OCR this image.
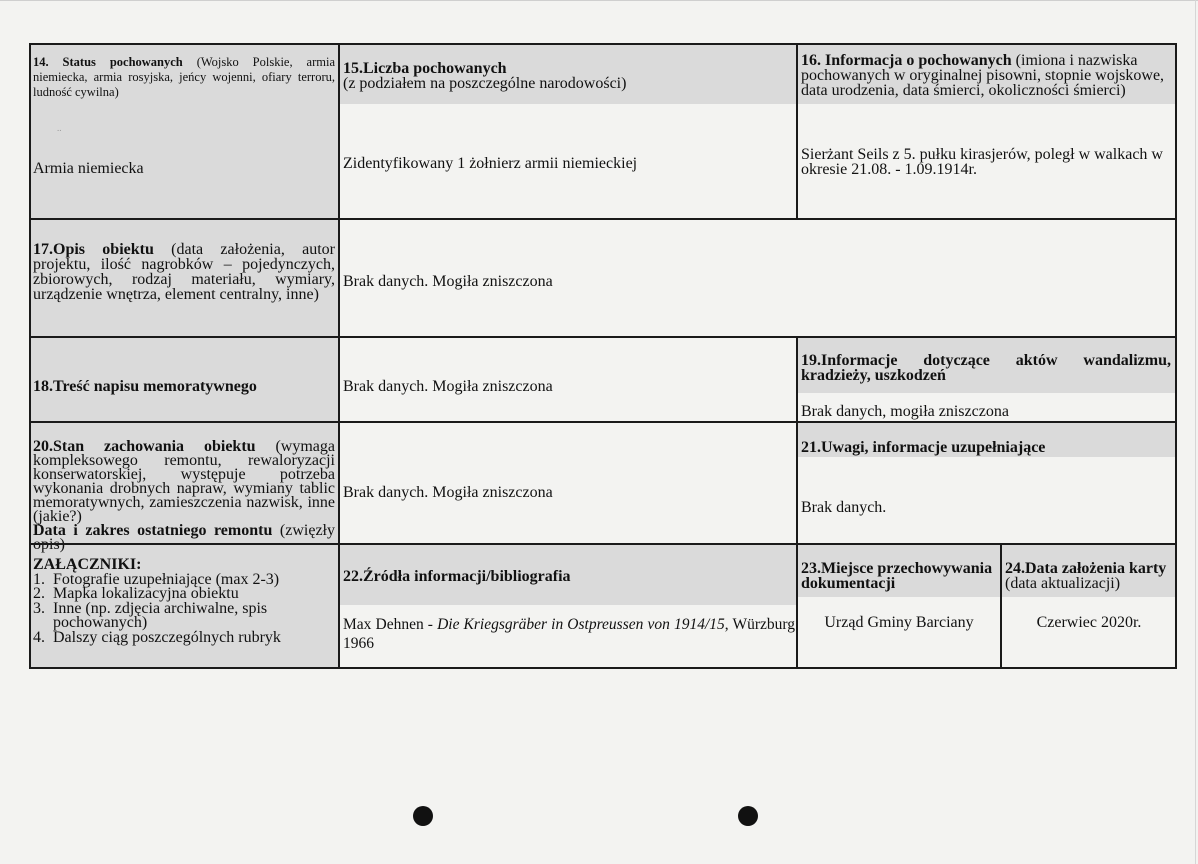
14. Status pochowanych (Wojsko Polskie, armia niemiecka, armia rosyjska, jeńcy wojenni, ofiary terroru, ludność cywilna)
..
Armia niemiecka
15.Liczba pochowanych
(z podziałem na poszczególne narodowości)
Zidentyfikowany 1 żołnierz armii niemieckiej
16. Informacja o pochowanych (imiona i nazwiska pochowanych w oryginalnej pisowni, stopnie wojskowe, data urodzenia, data śmierci, okoliczności śmierci)
Sierżant Seils z 5. pułku kirasjerów, poległ w walkach w okresie 21.08. - 1.09.1914r.
17.Opis obiektu (data założenia, autor projektu, ilość nagrobków – pojedynczych, zbiorowych, rodzaj materiału, wymiary, urządzenie wnętrza, element centralny, inne)
Brak danych. Mogiła zniszczona
18.Treść napisu memoratywnego	Brak danych. Mogiła zniszczona
19.Informacje dotyczące aktów wandalizmu, kradzieży, uszkodzeń
Brak danych, mogiła zniszczona
20.Stan zachowania obiektu (wymaga kompleksowego remontu, rewaloryzacji konserwatorskiej, występuje potrzeba wykonania drobnych napraw, wymiany tablic memoratywnych, zamieszczenia nazwisk, inne (jakie?)
Data i zakres ostatniego remontu (zwięzły
Brak danych. Mogiła zniszczona
21.Uwagi, informacje uzupełniające
Brak danych.
ZAŁĄCZNIKI:
1. Fotografie uzupełniające (max 2-3)
2. Mapka lokalizacyjna obiektu
3. Inne (np. zdjęcia archiwalne, spis pochowanych)
4. Dalszy ciąg poszczególnych rubryk
22.Źródła informacji/bibliografia
Max Dehnen - Die Kriegsgräber in Ostpreussen von 1914/15, Würzburg 1966
23.Miejsce przechowywania dokumentacji
Urząd Gminy Barciany
24.Data założenia karty
(data aktualizacji)
Czerwiec 2020r.
